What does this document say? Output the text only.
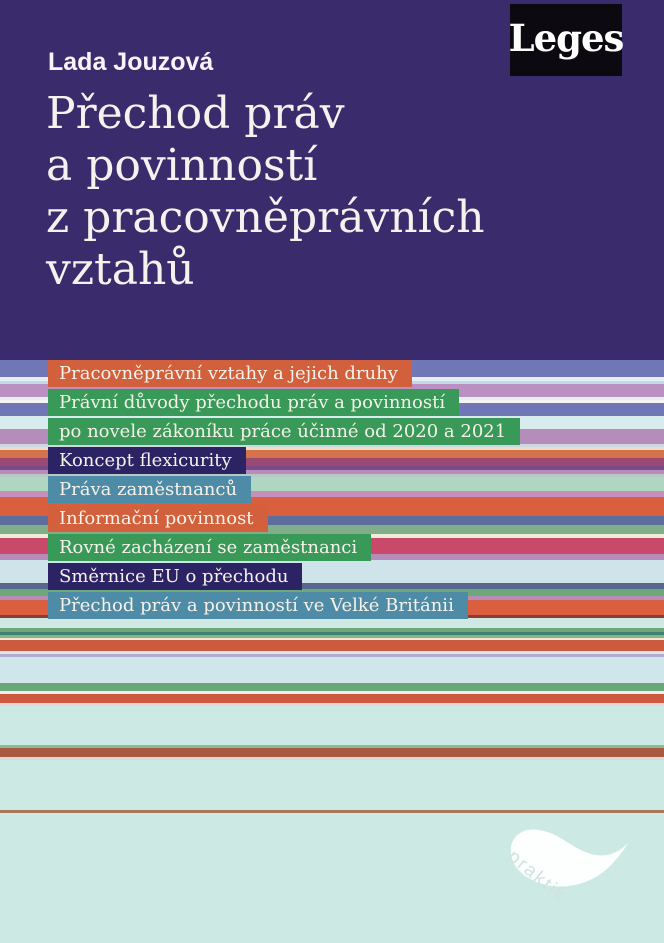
Leges
Lada Jouzová
Přechod práv
a povinností
z pracovněprávních
vztahů
Pracovněprávní vztahy a jejich druhy
Právní důvody přechodu práv a povinností
po novele zákoníku práce účinné od 2020 a 2021
Koncept flexicurity
Práva zaměstnanců
Informační povinnost
Rovné zacházení se zaměstnanci
Směrnice EU o přechodu
Přechod práv a povinností ve Velké Británii
praktik
